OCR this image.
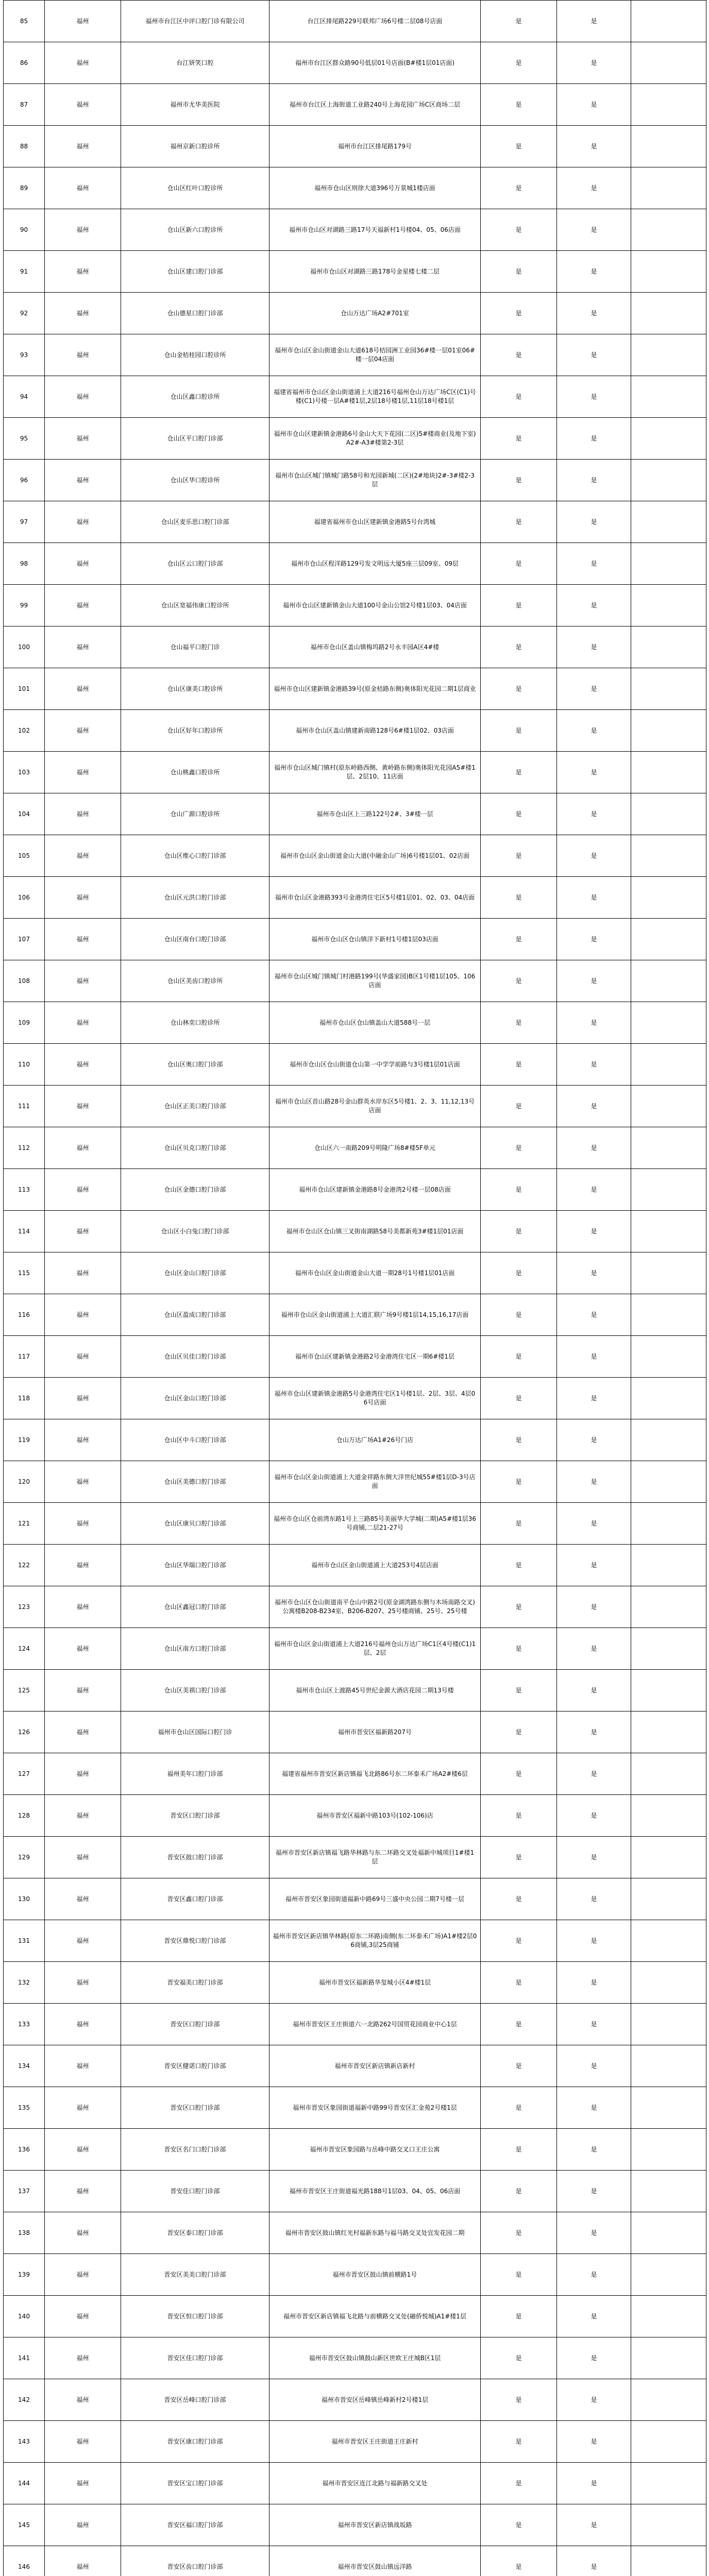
85	福州	福州市台江区中评口腔门诊有限公司	台江区排尾路229号联邦广场6号楼二层08号店面	是	是	
86	福州	台江妍笑口腔	福州市台江区群众路90号低层01号店面(B#楼1层01店面)	是	是	
87	福州	福州市尤华美医院	福州市台江区上海街道工业路240号上海花园广场C区商场二层	是	是	
88	福州	福州京新口腔诊所	福州市台江区排尾路179号	是	是	
89	福州	仓山区红叶口腔诊所	福州市仓山区则徐大道396号万景城1楼店面	是	是	
90	福州	仓山区新六口腔诊所	福州市仓山区对湖路三路17号天福新村1号楼04、05、06店面	是	是	
91	福州	仓山区建口腔门诊部	福州市仓山区对湖路三路178号金星楼七楼二层	是	是	
92	福州	仓山德星口腔门诊部	仓山万达广场A2#701室	是	是	
93	福州	仓山金桔桂园口腔诊所	福州市仓山区金山街道金山大道618号桔园洲工业园36#楼一层01室06#楼一层04店面	是	是	
94	福州	仓山区鑫口腔诊所	福建省福州市仓山区金山街道浦上大道216号福州仓山万达广场C区(C1)号楼(C1)号楼一层A#楼1层,2层18号楼1层,11层18号楼1层	是	是	
95	福州	仓山区平口腔门诊部	福州市仓山区建新镇金港路6号金山大天下花园(二区)5#楼商业(及地下室)A2#-A3#楼第2-3层	是	是	
96	福州	仓山区华口腔诊所	福州市仓山区城门镇城门路58号和光园新城(二区)(2#地块)2#-3#楼2-3层	是	是	
97	福州	仓山区麦乐思口腔门诊部	福建省福州市仓山区建新镇金港路5号台湾城	是	是	
98	福州	仓山区云口腔门诊部	福州市仓山区程洋路129号发文明远大厦5座三层09室、09层	是	是	
99	福州	仓山区宽福伟康口腔诊所	福州市仓山区建新镇金山大道100号金山公馆2号楼1层03、04店面	是	是	
100	福州	仓山福平口腔门诊	福州市仓山区盖山镇梅坞路2号永丰园A区4#楼	是	是	
101	福州	仓山区康美口腔诊所	福州市仓山区建新镇金港路39号(原金桔路东侧)奥体阳光花园二期1层商业	是	是	
102	福州	仓山区好年口腔诊所	福州市仓山区盖山镇建新南路128号6#楼1层02、03店面	是	是	
103	福州	仓山桃鑫口腔诊所	福州市仓山区城门镇村(原东岭路西侧、黄岭路东侧)奥体阳光花园A5#楼1层、2层10、11店面	是	是	
104	福州	仓山广源口腔诊所	福州市仓山区上三路122号2#、3#楼一层	是	是	
105	福州	仓山区维心口腔门诊部	福州市仓山区金山街道金山大道(中融金山广场)6号楼1层01、02店面	是	是	
106	福州	仓山区元洪口腔门诊部	福州市仓山区金港路393号金港湾住宅区5号楼1层01、02、03、04店面	是	是	
107	福州	仓山区南台口腔门诊部	福州市仓山区仓山镇洋下新村1号楼1层03店面	是	是	
108	福州	仓山区美齿口腔诊所	福州市仓山区城门镇城门村港路199号(华盛家园)B区1号楼1层105、106店面	是	是	
109	福州	仓山林奕口腔诊所	福州市仓山区仓山镇盖山大道588号一层	是	是	
110	福州	仓山区奥口腔门诊部	福州市仓山区仓山街道仓山第一中学学前路与3号楼1层01店面	是	是	
111	福州	仓山区正美口腔门诊部	福州市仓山区首山路28号金山群英水岸东区5号楼1、2、3、11,12,13号店面	是	是	
112	福州	仓山区贝克口腔门诊部	仓山区六一南路209号明隆广场8#楼5F单元	是	是	
113	福州	仓山区金德口腔门诊部	福州市仓山区建新镇金港路8号金港湾2号楼一层08店面	是	是	
114	福州	仓山区小白兔口腔门诊部	福州市仓山区仓山镇三叉街南湖路58号美都新苑3#楼1层01店面	是	是	
115	福州	仓山区金山口腔门诊部	福州市仓山区金山街道金山大道一期28号1号楼1层01店面	是	是	
116	福州	仓山区盈成口腔门诊部	福州市仓山区金山街道浦上大道汇联广场9号楼1层14,15,16,17店面	是	是	
117	福州	仓山区贝佳口腔门诊部	福州市仓山区建新镇金港路2号金港湾住宅区一期6#楼1层	是	是	
118	福州	仓山区金山口腔门诊部	福州市仓山区建新镇金港路5号金港湾住宅区1号楼1层、2层、3层、4层06号店面	是	是	
119	福州	仓山区中斗口腔门诊部	仓山万达广场A1#26号门店	是	是	
120	福州	仓山区美德口腔门诊部	福州市仓山区金山街道浦上大道金祥路东侧大洋世纪城55#楼1层D-3号店面	是	是	
121	福州	仓山区康贝口腔门诊部	福州市仓山区仓前湾东路1号上三路85号美丽华大学城(二期)A5#楼1层36号商铺,二层21-27号	是	是	
122	福州	仓山区华瑞口腔门诊部	福州市仓山区金山街道浦上大道253号4层店面	是	是	
123	福州	仓山区鑫冠口腔门诊部	福州市仓山区仓山街道南平仓山中路2号(原金湖湾路东侧与木场南路交叉)公寓楼B208-B234室、B206-B207、25号楼商铺、25号、25号楼	是	是	
124	福州	仓山区南方口腔门诊部	福州市仓山区金山街道浦上大道216号福州仓山万达广场C1区4号楼(C1)1层、2层	是	是	
125	福州	仓山区美祺口腔门诊部	福州市仓山区上渡路45号世纪金源大酒店花园二期13号楼	是	是	
126	福州	福州市仓山区国际口腔门诊	福州市晋安区福新路207号	是	是	
127	福州	福州美年口腔门诊部	福建省福州市晋安区新店镇福飞北路86号东二环泰禾广场A2#楼6层	是	是	
128	福州	晋安区口腔门诊部	福州市晋安区福新中路103号(102-106)店	是	是	
129	福州	晋安区鼓口腔门诊部	福州市晋安区新店镇福飞路华林路与东二环路交叉处福新中城项目1#楼1层	是	是	
130	福州	晋安区鑫口腔门诊部	福州市晋安区象园街道福新中路69号三盛中央公园二期7号楼一层	是	是	
131	福州	晋安区鼎悦口腔门诊部	福州市晋安区新店镇华林路(原东二环路)南侧(东二环泰禾广场)A1#楼2层06商铺,3层25商铺	是	是	
132	福州	晋安福美口腔门诊部	福州市晋安区福新路华玺城小区4#楼1层	是	是	
133	福州	晋安区口腔门诊部	福州市晋安区王庄街道六一北路262号国贸花园商业中心1层	是	是	
134	福州	晋安区健诺口腔门诊部	福州市晋安区新店镇新店新村	是	是	
135	福州	晋安区口腔门诊部	福州市晋安区象园街道福新中路99号晋安区汇金苑2号楼1层	是	是	
136	福州	晋安区名门口腔门诊部	福州市晋安区象园路与岳峰中路交叉口王庄公寓	是	是	
137	福州	晋安佳口腔门诊部	福州市晋安区王庄街道福光路188号1层03、04、05、06店面	是	是	
138	福州	晋安区泰口腔门诊部	福州市晋安区鼓山镇红光村福新东路与福马路交叉处宜发花园二期	是	是	
139	福州	晋安区美美口腔门诊部	福州市晋安区鼓山镇前横路1号	是	是	
140	福州	晋安区恒口腔门诊部	福州市晋安区新店镇福飞北路与前横路交叉处(融侨悦城)A1#楼1层	是	是	
141	福州	晋安区佳口腔门诊部	福州市晋安区鼓山镇鼓山新区世欧王庄城B区1层	是	是	
142	福州	晋安区岳峰口腔门诊部	福州市晋安区岳峰镇岳峰新村2号楼1层	是	是	
143	福州	晋安区康口腔门诊部	福州市晋安区王庄街道王庄新村	是	是	
144	福州	晋安区宝口腔门诊部	福州市晋安区连江北路与福新路交叉处	是	是	
145	福州	晋安区福口腔门诊部	福州市晋安区新店镇战坂路	是	是	
146	福州	晋安区齿口腔门诊部	福州市晋安区鼓山镇远洋路	是	是	
